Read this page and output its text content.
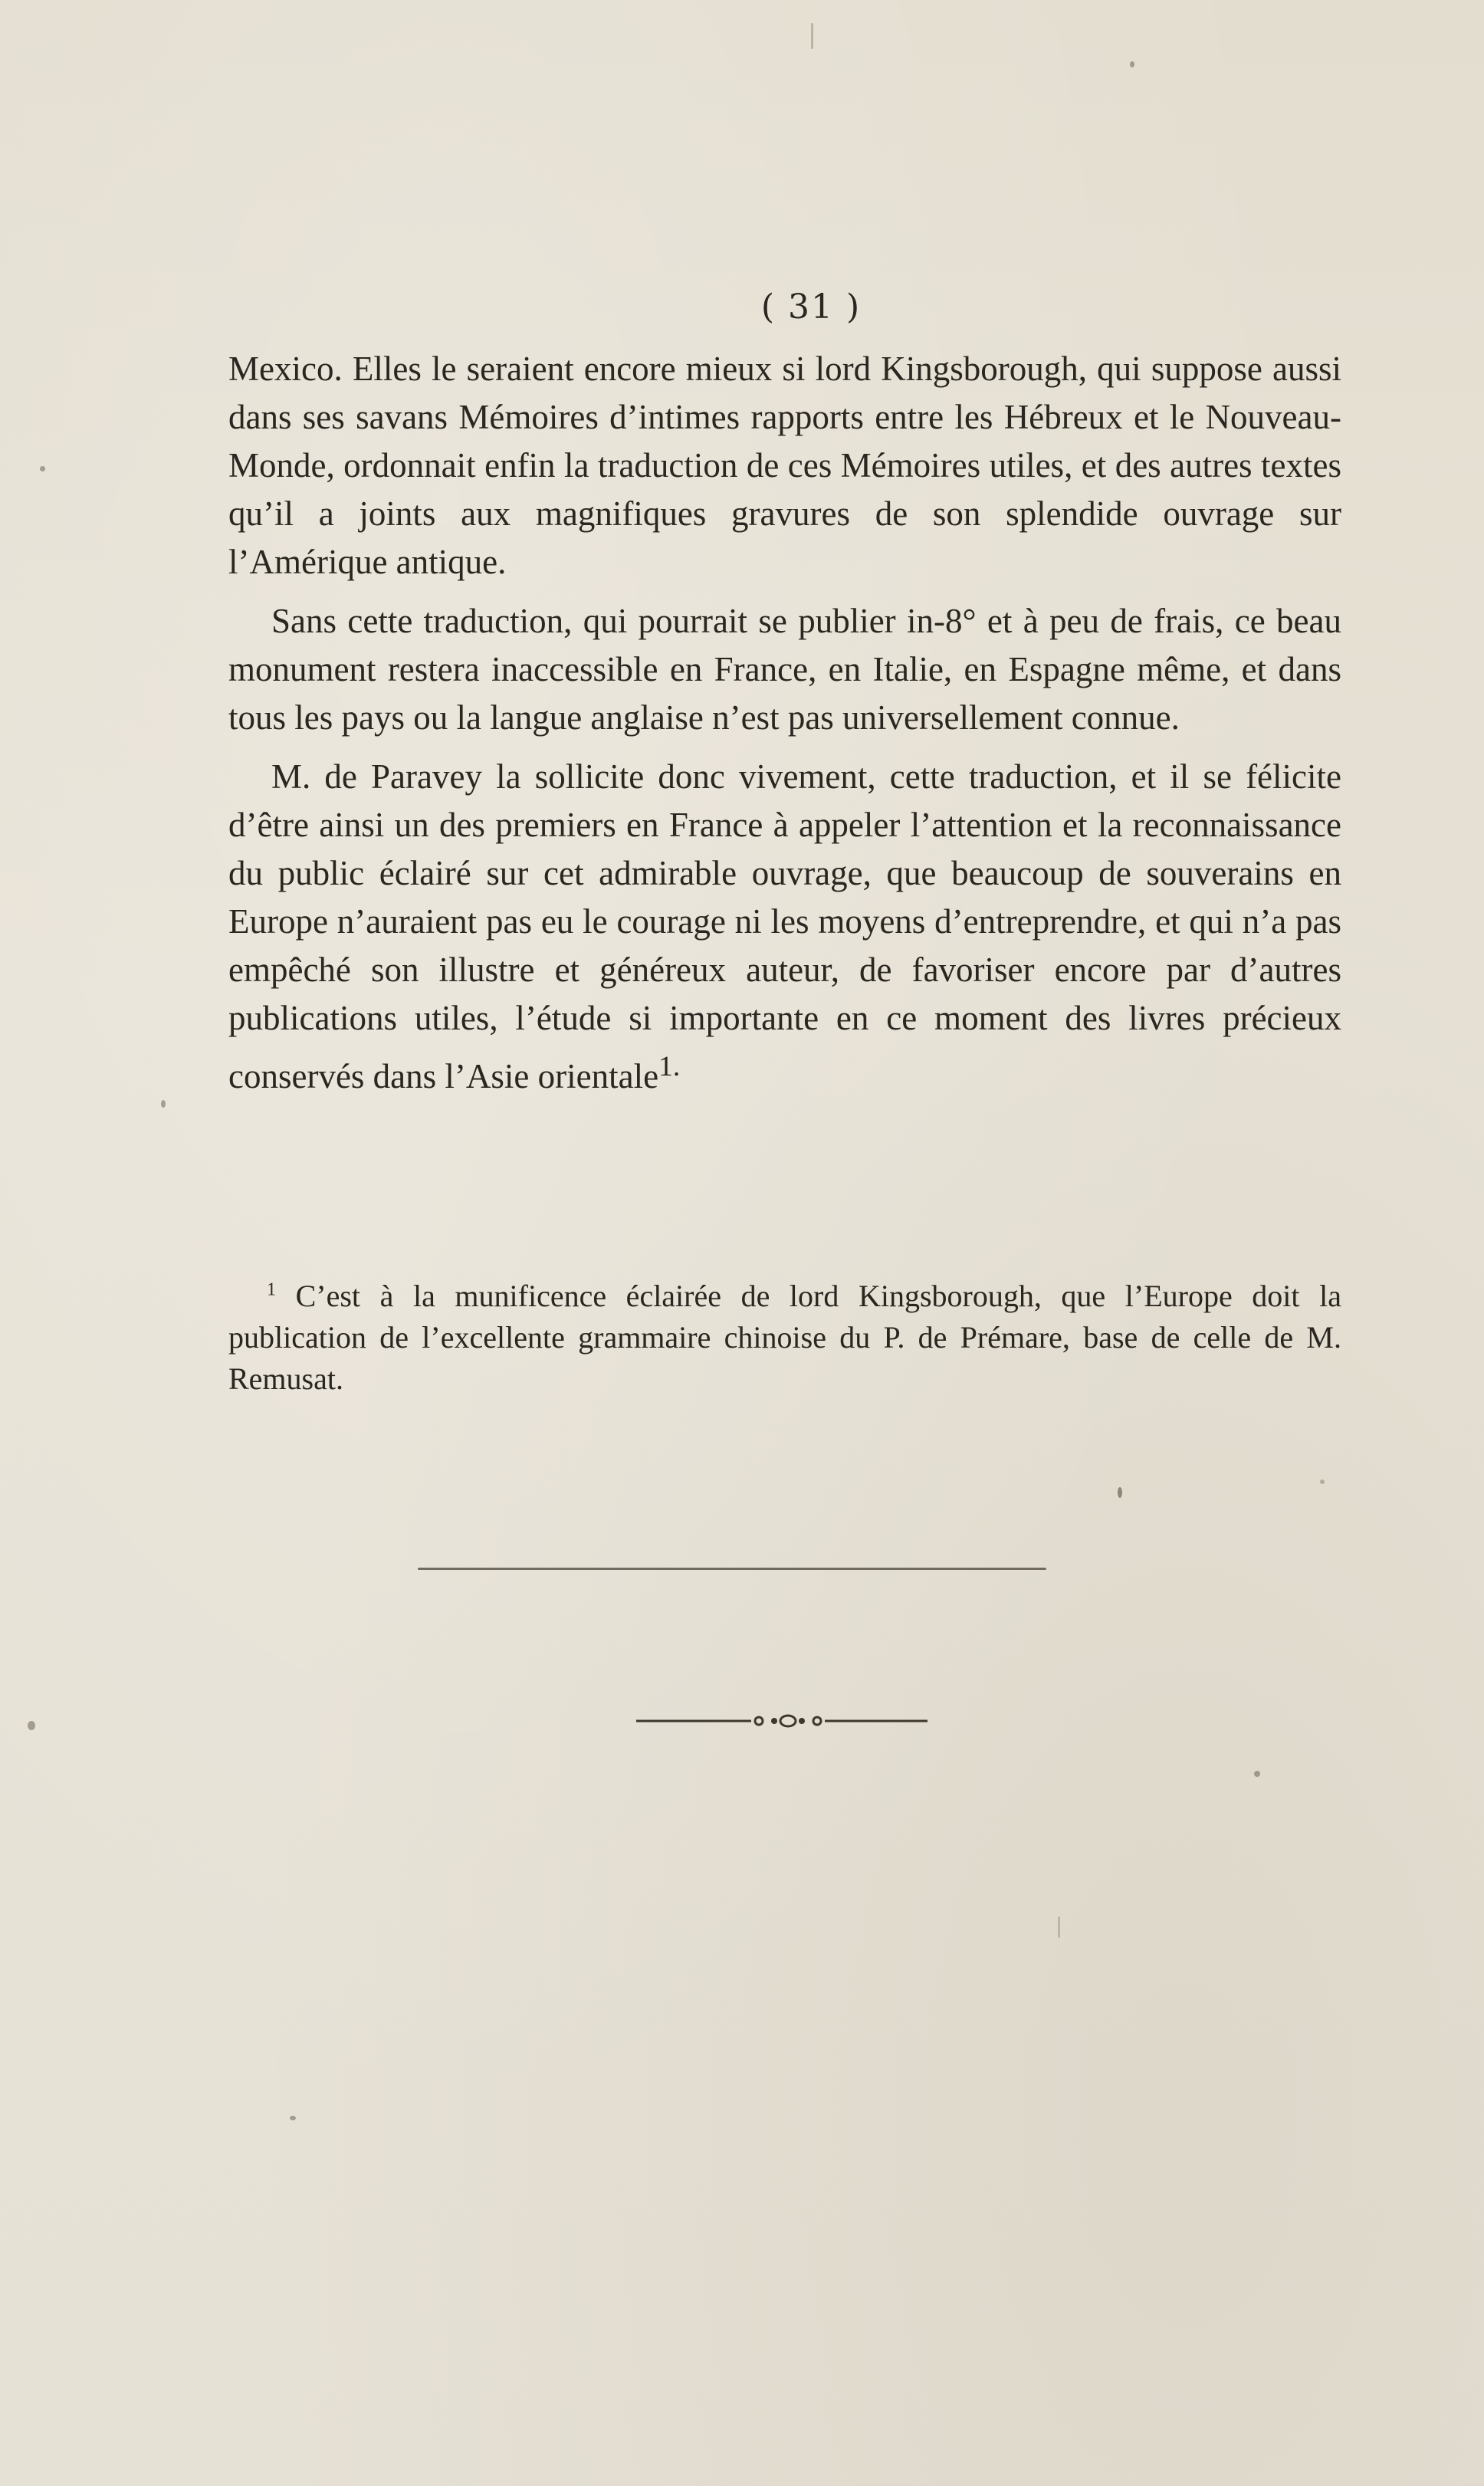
( 31 )

Mexico. Elles le seraient encore mieux si lord Kingsborough, qui suppose aussi dans ses savans Mémoires d’intimes rapports entre les Hébreux et le Nouveau-Monde, ordonnait enfin la traduction de ces Mémoires utiles, et des autres textes qu’il a joints aux magnifiques gravures de son splendide ouvrage sur l’Amérique antique.

Sans cette traduction, qui pourrait se publier in-8° et à peu de frais, ce beau monument restera inaccessible en France, en Italie, en Espagne même, et dans tous les pays ou la langue anglaise n’est pas universellement connue.

M. de Paravey la sollicite donc vivement, cette traduction, et il se félicite d’être ainsi un des premiers en France à appeler l’attention et la reconnaissance du public éclairé sur cet admirable ouvrage, que beaucoup de souverains en Europe n’auraient pas eu le courage ni les moyens d’entreprendre, et qui n’a pas empêché son illustre et généreux auteur, de favoriser encore par d’autres publications utiles, l’étude si importante en ce moment des livres précieux conservés dans l’Asie orientale$^{1.}$

$^1$ C’est à la munificence éclairée de lord Kingsborough, que l’Europe doit la publication de l’excellente grammaire chinoise du P. de Prémare, base de celle de M. Remusat.
